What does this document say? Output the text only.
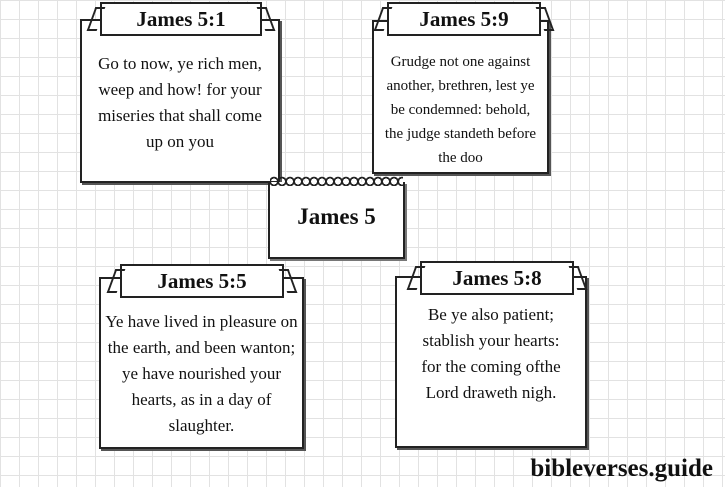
Go to now, ye rich men, weep and how! for your miseries that shall come up on you
James 5:1
Grudge not one against another, brethren, lest ye be condemned: behold, the judge standeth before the doo
James 5:9
James 5
Ye have lived in pleasure on the earth, and been wanton; ye have nourished your hearts, as in a day of slaughter.
James 5:5
Be ye also patient; stablish your hearts: for the coming ofthe Lord draweth nigh.
James 5:8
bibleverses.guide
